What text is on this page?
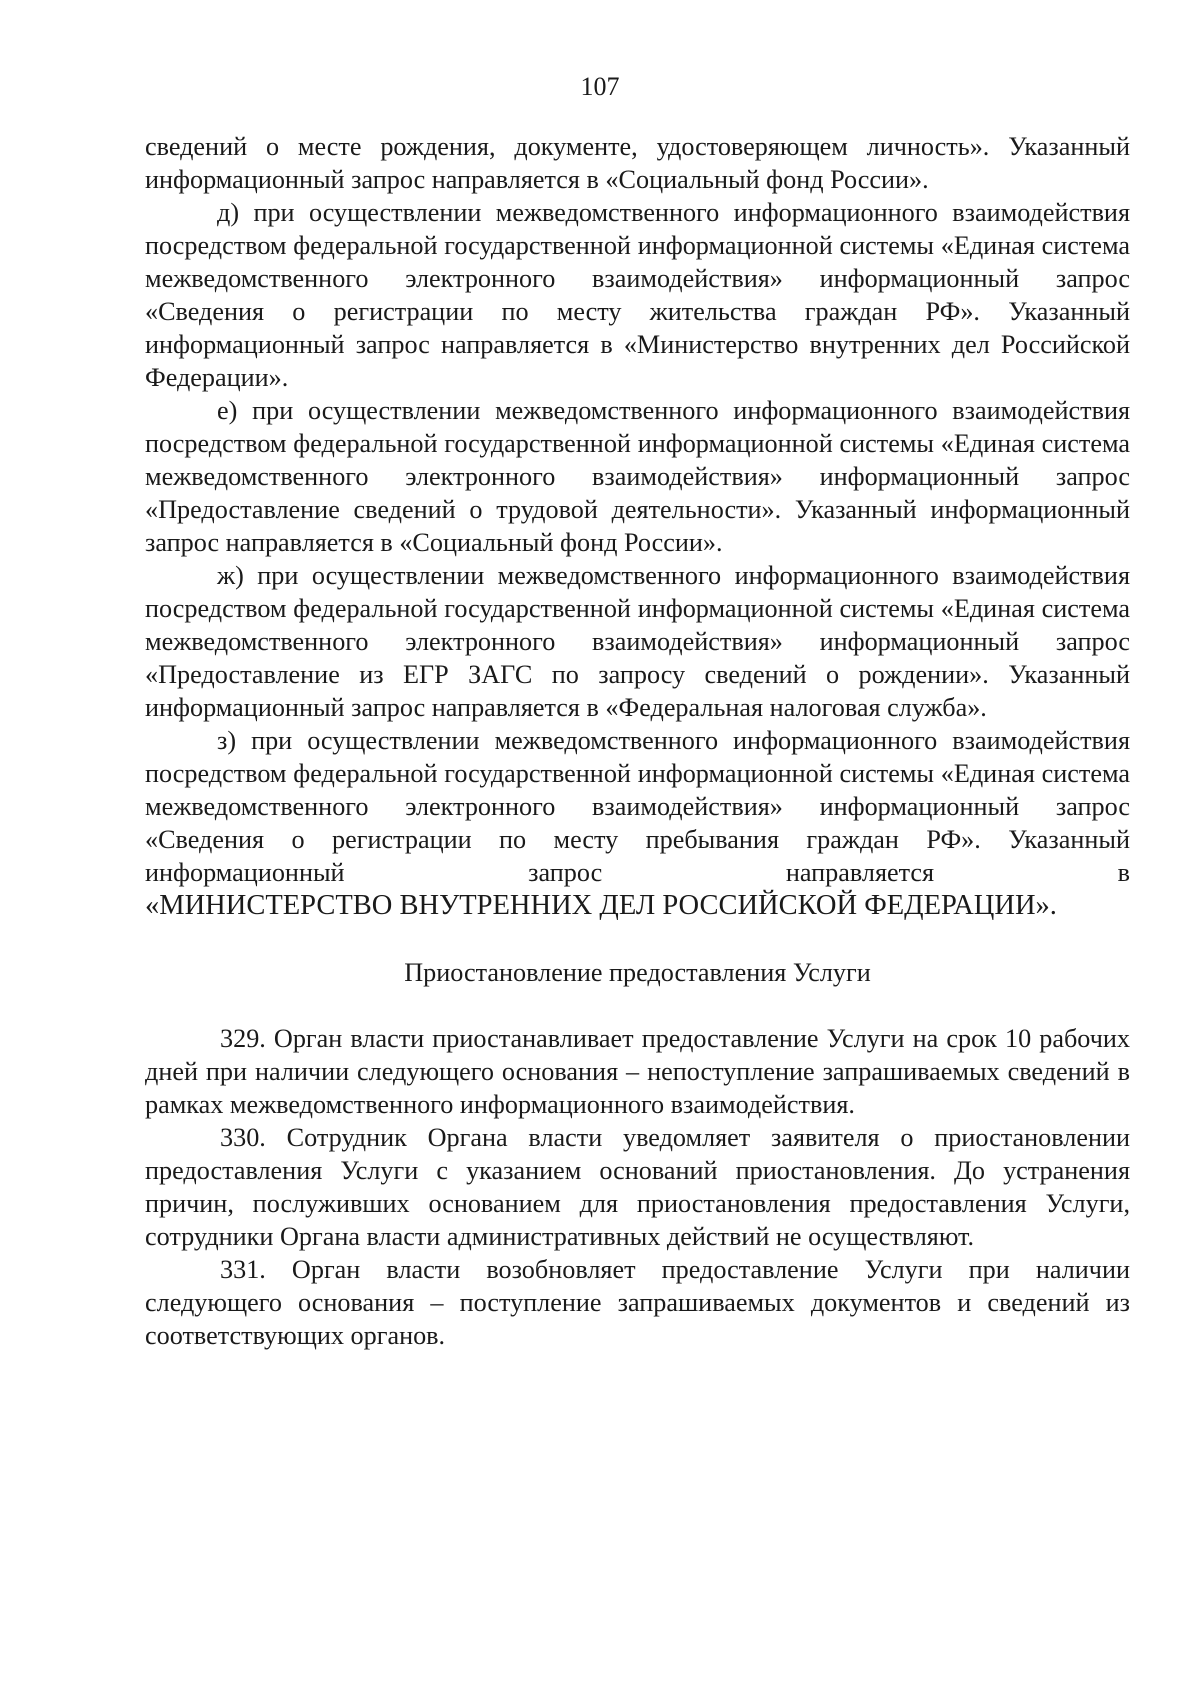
107

сведений о месте рождения, документе, удостоверяющем личность». Указанный информационный запрос направляется в «Социальный фонд России».

д) при осуществлении межведомственного информационного взаимодействия посредством федеральной государственной информационной системы «Единая система межведомственного электронного взаимодействия» информационный запрос «Сведения о регистрации по месту жительства граждан РФ». Указанный информационный запрос направляется в «Министерство внутренних дел Российской Федерации».

е) при осуществлении межведомственного информационного взаимодействия посредством федеральной государственной информационной системы «Единая система межведомственного электронного взаимодействия» информационный запрос «Предоставление сведений о трудовой деятельности». Указанный информационный запрос направляется в «Социальный фонд России».

ж) при осуществлении межведомственного информационного взаимодействия посредством федеральной государственной информационной системы «Единая система межведомственного электронного взаимодействия» информационный запрос «Предоставление из ЕГР ЗАГС по запросу сведений о рождении». Указанный информационный запрос направляется в «Федеральная налоговая служба».

з) при осуществлении межведомственного информационного взаимодействия посредством федеральной государственной информационной системы «Единая система межведомственного электронного взаимодействия» информационный запрос «Сведения о регистрации по месту пребывания граждан РФ». Указанный информационный запрос направляется в

«МИНИСТЕРСТВО ВНУТРЕННИХ ДЕЛ РОССИЙСКОЙ ФЕДЕРАЦИИ».

Приостановление предоставления Услуги

329. Орган власти приостанавливает предоставление Услуги на срок 10 рабочих дней при наличии следующего основания – непоступление запрашиваемых сведений в рамках межведомственного информационного взаимодействия.

330. Сотрудник Органа власти уведомляет заявителя о приостановлении предоставления Услуги с указанием оснований приостановления. До устранения причин, послуживших основанием для приостановления предоставления Услуги, сотрудники Органа власти административных действий не осуществляют.

331. Орган власти возобновляет предоставление Услуги при наличии следующего основания – поступление запрашиваемых документов и сведений из соответствующих органов.
